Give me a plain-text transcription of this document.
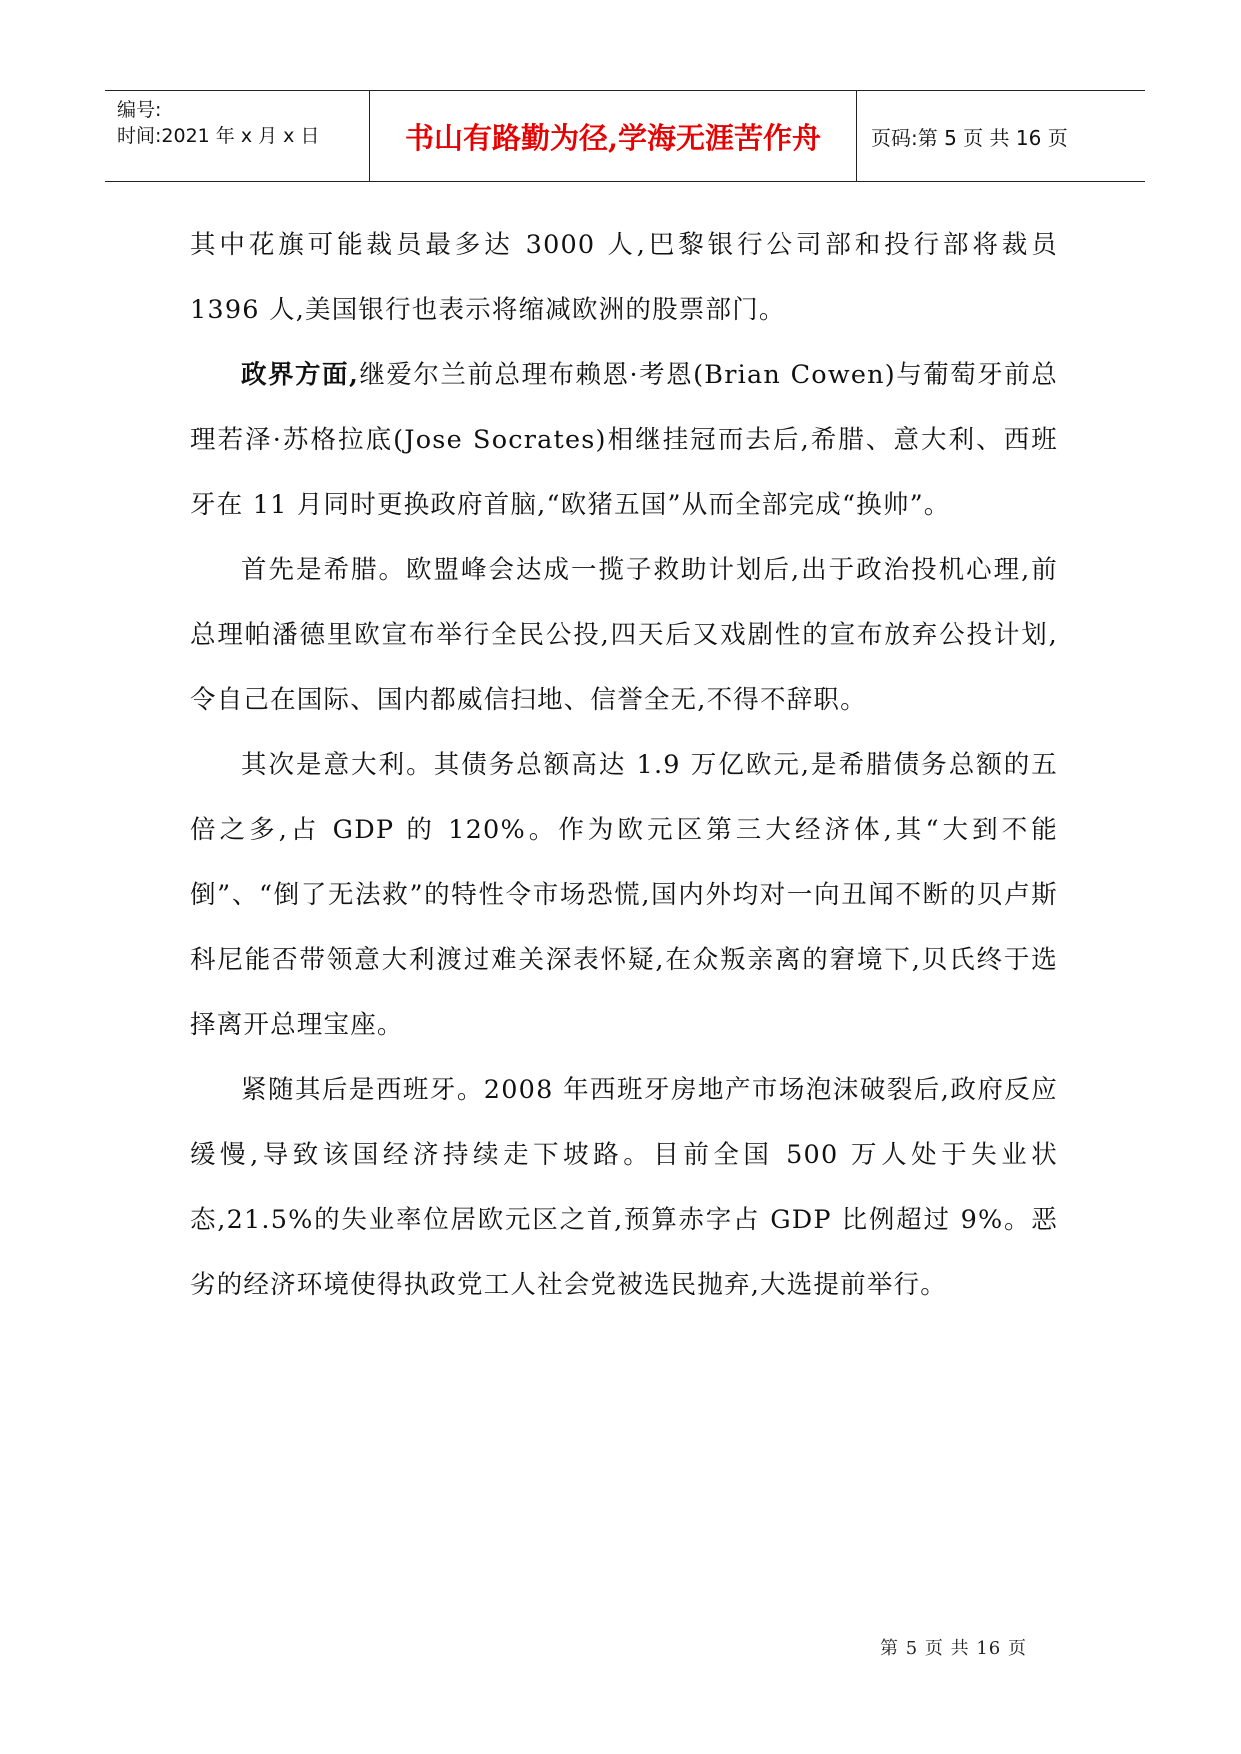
编号:
时间:2021 年 x 月 x 日	书山有路勤为径,学海无涯苦作舟	页码:第 5 页 共 16 页

其中花旗可能裁员最多达 3000 人,巴黎银行公司部和投行部将裁员 1396 人,美国银行也表示将缩减欧洲的股票部门。

政界方面,继爱尔兰前总理布赖恩·考恩(Brian Cowen)与葡萄牙前总理若泽·苏格拉底(Jose Socrates)相继挂冠而去后,希腊、意大利、西班牙在 11 月同时更换政府首脑,“欧猪五国”从而全部完成“换帅”。

首先是希腊。欧盟峰会达成一揽子救助计划后,出于政治投机心理,前总理帕潘德里欧宣布举行全民公投,四天后又戏剧性的宣布放弃公投计划,令自己在国际、国内都威信扫地、信誉全无,不得不辞职。

其次是意大利。其债务总额高达 1.9 万亿欧元,是希腊债务总额的五倍之多,占 GDP 的 120%。作为欧元区第三大经济体,其“大到不能倒”、“倒了无法救”的特性令市场恐慌,国内外均对一向丑闻不断的贝卢斯科尼能否带领意大利渡过难关深表怀疑,在众叛亲离的窘境下,贝氏终于选择离开总理宝座。

紧随其后是西班牙。2008 年西班牙房地产市场泡沫破裂后,政府反应缓慢,导致该国经济持续走下坡路。目前全国 500 万人处于失业状态,21.5%的失业率位居欧元区之首,预算赤字占 GDP 比例超过 9%。恶劣的经济环境使得执政党工人社会党被选民抛弃,大选提前举行。

第 5 页 共 16 页
